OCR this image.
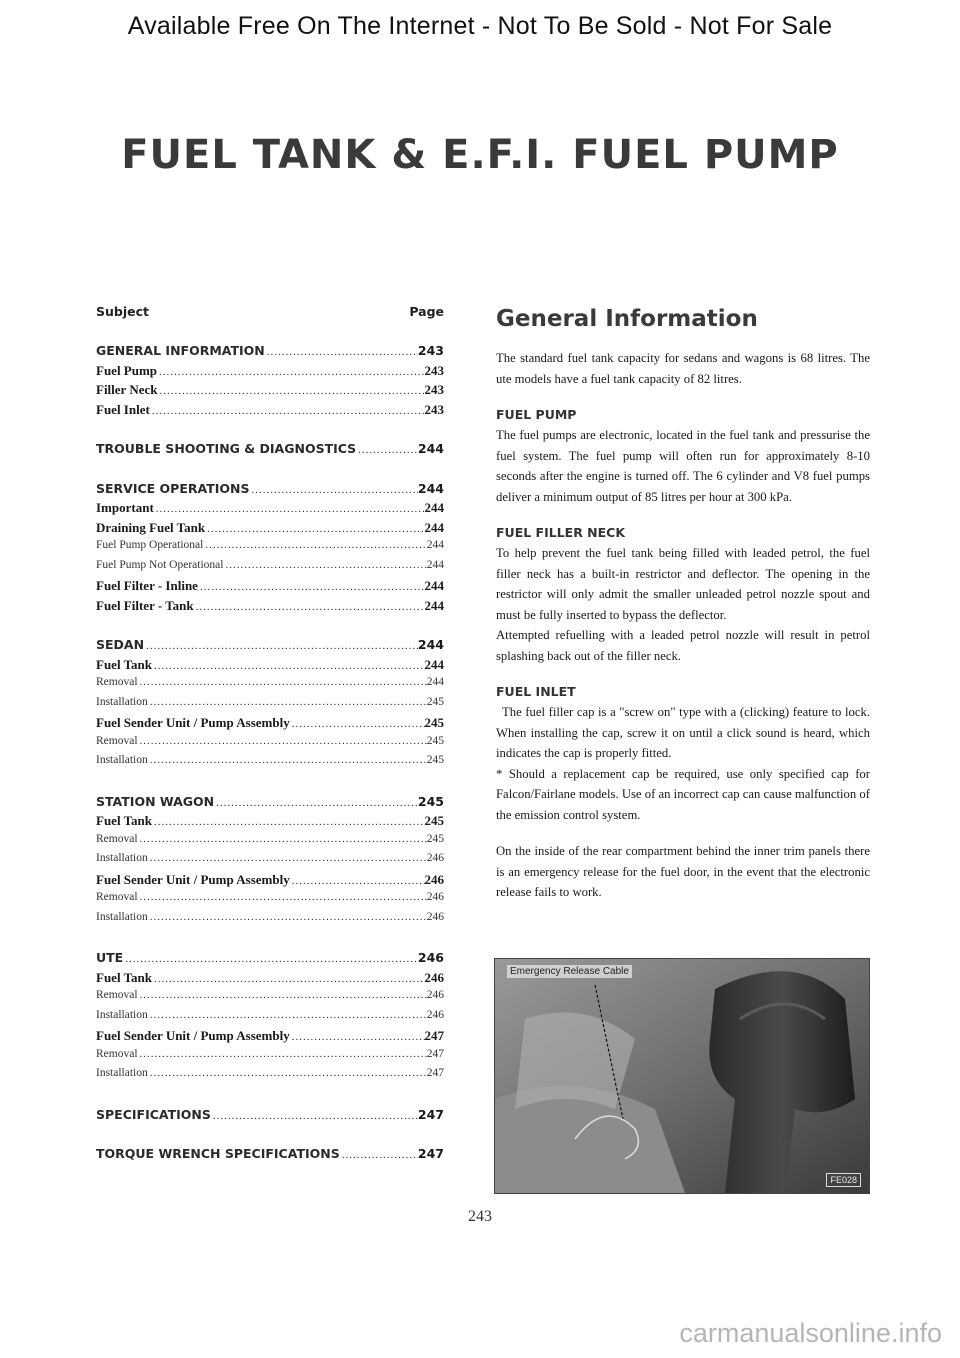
Available Free On The Internet - Not To Be Sold - Not For Sale
FUEL TANK & E.F.I. FUEL PUMP
Subject	Page
GENERAL INFORMATION .....	243
Fuel Pump .....	243
Filler Neck .....	243
Fuel Inlet .....	243
TROUBLE SHOOTING & DIAGNOSTICS .....	244
SERVICE OPERATIONS .....	244
Important .....	244
Draining Fuel Tank .....	244
Fuel Pump Operational .....	244
Fuel Pump Not Operational .....	244
Fuel Filter - Inline .....	244
Fuel Filter - Tank .....	244
SEDAN .....	244
Fuel Tank .....	244
Removal .....	244
Installation .....	245
Fuel Sender Unit / Pump Assembly .....	245
Removal .....	245
Installation .....	245
STATION WAGON .....	245
Fuel Tank .....	245
Removal .....	245
Installation .....	246
Fuel Sender Unit / Pump Assembly .....	246
Removal .....	246
Installation .....	246
UTE .....	246
Fuel Tank .....	246
Removal .....	246
Installation .....	246
Fuel Sender Unit / Pump Assembly .....	247
Removal .....	247
Installation .....	247
SPECIFICATIONS .....	247
TORQUE WRENCH SPECIFICATIONS .....	247
General Information
The standard fuel tank capacity for sedans and wagons is 68 litres. The ute models have a fuel tank capacity of 82 litres.
FUEL PUMP
The fuel pumps are electronic, located in the fuel tank and pressurise the fuel system. The fuel pump will often run for approximately 8-10 seconds after the engine is turned off. The 6 cylinder and V8 fuel pumps deliver a minimum output of 85 litres per hour at 300 kPa.
FUEL FILLER NECK
To help prevent the fuel tank being filled with leaded petrol, the fuel filler neck has a built-in restrictor and deflector. The opening in the restrictor will only admit the smaller unleaded petrol nozzle spout and must be fully inserted to bypass the deflector.
Attempted refuelling with a leaded petrol nozzle will result in petrol splashing back out of the filler neck.
FUEL INLET
The fuel filler cap is a "screw on" type with a (clicking) feature to lock. When installing the cap, screw it on until a click sound is heard, which indicates the cap is properly fitted.
* Should a replacement cap be required, use only specified cap for Falcon/Fairlane models. Use of an incorrect cap can cause malfunction of the emission control system.
On the inside of the rear compartment behind the inner trim panels there is an emergency release for the fuel door, in the event that the electronic release fails to work.
Emergency Release Cable
FE028
243
carmanualsonline.info
